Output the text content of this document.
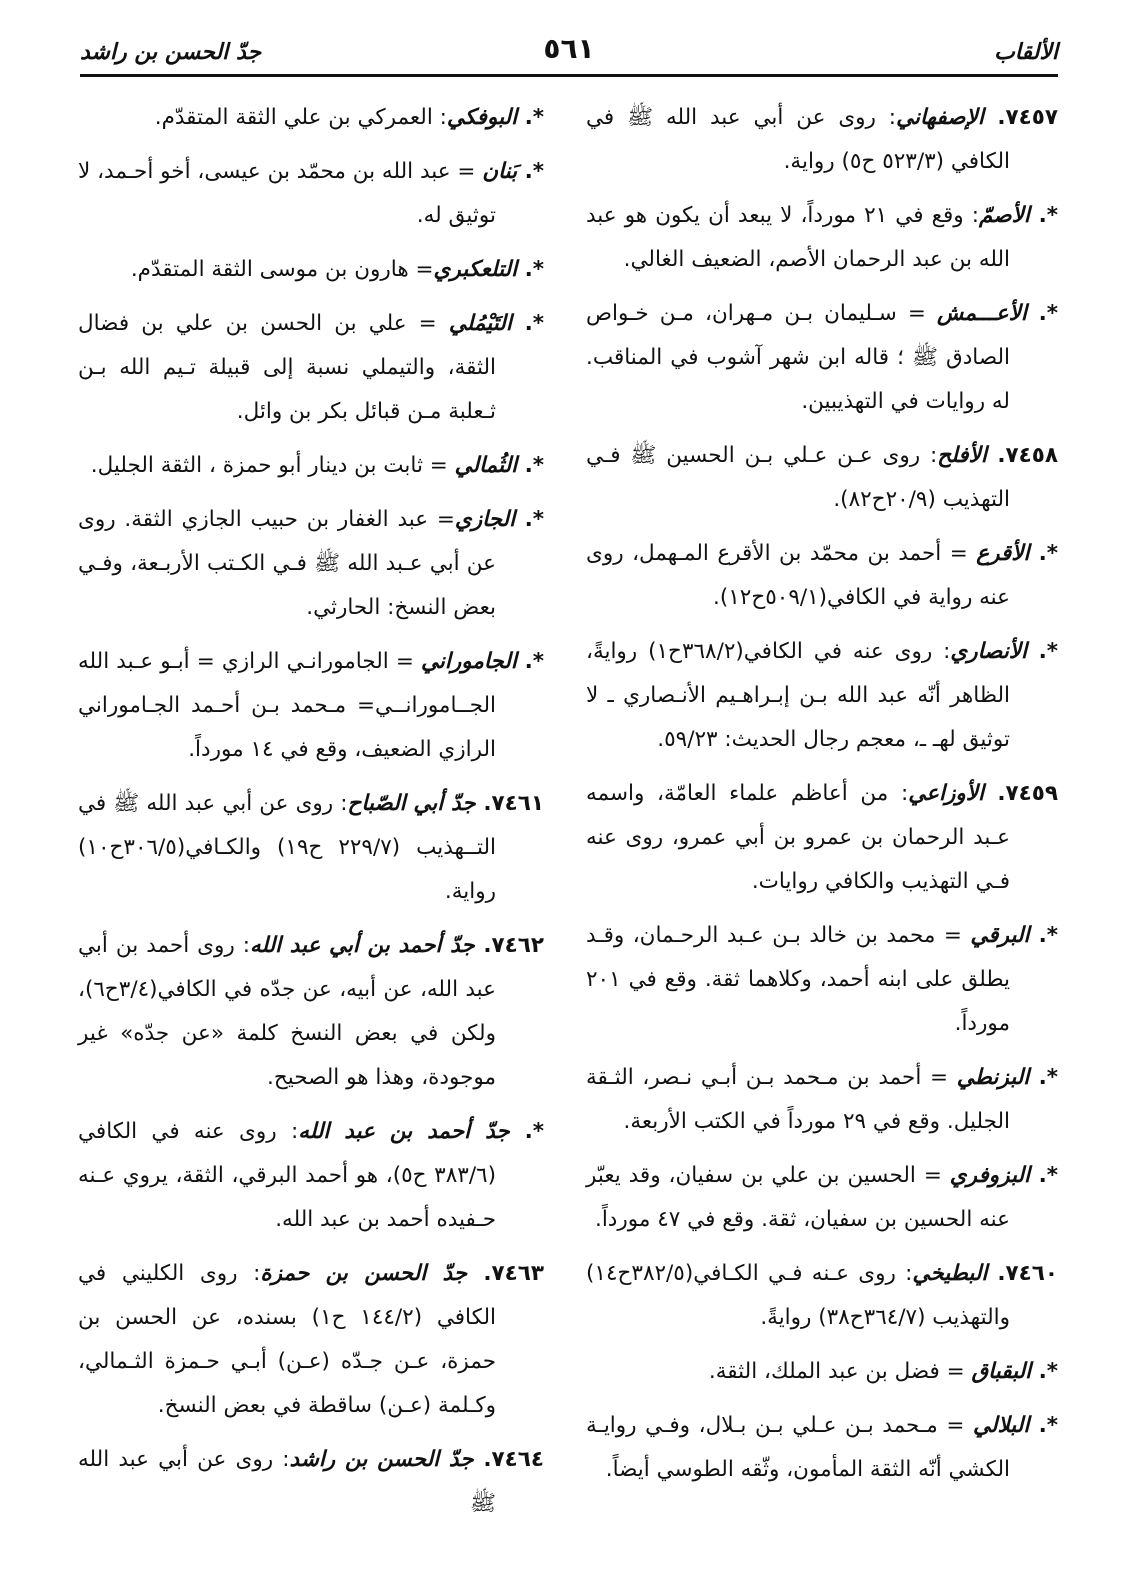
الألقاب
٥٦١
جدّ الحسن بن راشد

٧٤٥٧. الإصفهاني: روى عن أبي عبد الله ﷺ في الكافي (٥٢٣/٣ ح٥) رواية.

*. الأصمّ: وقع في ٢١ مورداً، لا يبعد أن يكون هو عبد الله بن عبد الرحمان الأصم، الضعيف الغالي.

*. الأعـــمش = سـليمان بـن مـهران، مـن خـواص الصادق ﷺ ؛ قاله ابن شهر آشوب في المناقب. له روايات في التهذيبين.

٧٤٥٨. الأفلح: روى عـن عـلي بـن الحسين ﷺ فـي التهذيب (٢٠/٩ح٨٢).

*. الأقرع = أحمد بن محمّد بن الأقرع المـهمل، روى عنه رواية في الكافي(٥٠٩/١ح١٢).

*. الأنصاري: روى عنه في الكافي(٣٦٨/٢ح١) روايةً، الظاهر أنّه عبد الله بـن إبـراهـيم الأنـصاري ـ لا توثيق لهـ ـ، معجم رجال الحديث: ٥٩/٢٣.

٧٤٥٩. الأوزاعي: من أعاظم علماء العامّة، واسمه عـبد الرحمان بن عمرو بن أبي عمرو، روى عنه فـي التهذيب والكافي روايات.

*. البرقي = محمد بن خالد بـن عـبد الرحـمان، وقـد يطلق على ابنه أحمد، وكلاهما ثقة. وقع في ٢٠١ مورداً.

*. البزنطي = أحمد بن مـحمد بـن أبـي نـصر، الثـقة الجليل. وقع في ٢٩ مورداً في الكتب الأربعة.

*. البزوفري = الحسين بن علي بن سفيان، وقد يعبّر عنه الحسين بن سفيان، ثقة. وقع في ٤٧ مورداً.

٧٤٦٠. البطيخي: روى عـنه فـي الكـافي(٣٨٢/٥ح١٤) والتهذيب (٣٦٤/٧ح٣٨) روايةً.

*. البقباق = فضل بن عبد الملك، الثقة.

*. البلالي = مـحمد بـن عـلي بـن بـلال، وفـي روايـة الكشي أنّه الثقة المأمون، وثّقه الطوسي أيضاً.

*. البوفكي: العمركي بن علي الثقة المتقدّم.

*. بَنان = عبد الله بن محمّد بن عيسى، أخو أحـمد، لا توثيق له.

*. التلعكبري= هارون بن موسى الثقة المتقدّم.

*. التَيْمُلي = علي بن الحسن بن علي بن فضال الثقة، والتيملي نسبة إلى قبيلة تـيم الله بـن ثـعلبة مـن قبائل بكر بن وائل.

*. الثُمالي = ثابت بن دينار أبو حمزة ، الثقة الجليل.

*. الجازي= عبد الغفار بن حبيب الجازي الثقة. روى عن أبي عـبد الله ﷺ فـي الكـتب الأربـعة، وفـي بعض النسخ: الحارثي.

*. الجاموراني = الجامورانـي الرازي = أبـو عـبد الله الجــامورانــي= مـحمد بـن أحـمد الجـاموراني الرازي الضعيف، وقع في ١٤ مورداً.

٧٤٦١. جدّ أبي الصّباح: روى عن أبي عبد الله ﷺ في التــهذيب (٢٢٩/٧ ح١٩) والكـافي(٣٠٦/٥ح١٠) رواية.

٧٤٦٢. جدّ أحمد بن أبي عبد الله: روى أحمد بن أبي عبد الله، عن أبيه، عن جدّه في الكافي(٣/٤ح٦)، ولكن في بعض النسخ كلمة «عن جدّه» غير موجودة، وهذا هو الصحيح.

*. جدّ أحمد بن عبد الله: روى عنه في الكافي (٣٨٣/٦ ح٥)، هو أحمد البرقي، الثقة، يروي عـنه حـفيده أحمد بن عبد الله.

٧٤٦٣. جدّ الحسن بن حمزة: روى الكليني في الكافي (١٤٤/٢ ح١) بسنده، عن الحسن بن حمزة، عـن جـدّه (عـن) أبـي حـمزة الثـمالي، وكـلمة (عـن) ساقطة في بعض النسخ.

٧٤٦٤. جدّ الحسن بن راشد: روى عن أبي عبد الله ﷺ
